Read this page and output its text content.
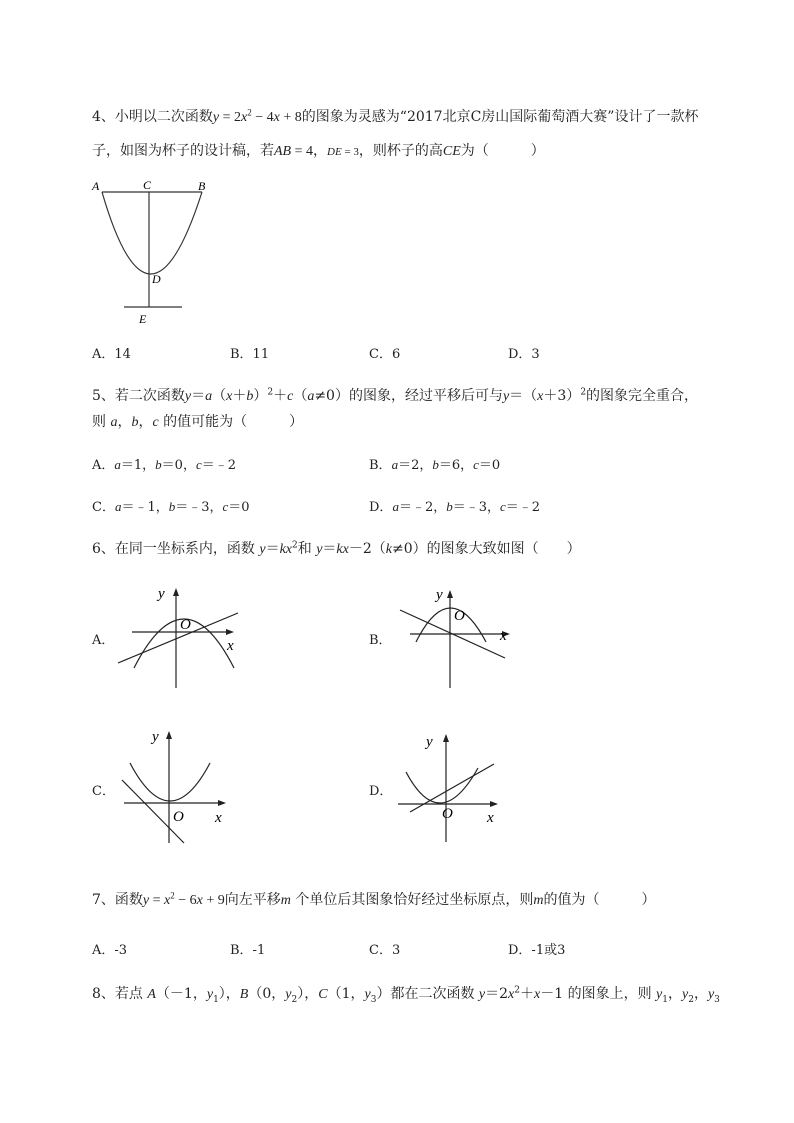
4、小明以二次函数$y = 2x^2 - 4x + 8$的图象为灵感为“2017北京C房山国际葡萄酒大赛”设计了一款杯
子，如图为杯子的设计稿，若AB = 4，DE = 3，则杯子的高CE为（　　　）
A	C	B
D
E
A．14	B．11	C．6	D．3
5、若二次函数$y=a(x+b)^2+c(a\ne 0)$的图象，经过平移后可与$y=(x+3)^2$的图象完全重合，
则 a，b，c 的值可能为（　　　）
A．a＝1，b＝0，c＝﹣2	B．a＝2，b＝6，c＝0
C．a＝﹣1，b＝﹣3，c＝0	D．a＝﹣2，b＝﹣3，c＝﹣2
6、在同一坐标系内，函数 $y=kx^2$和 y＝kx－2（k≠0）的图象大致如图（　　）
A．	B．
C．	D．
y
O
x
y
O
x
y
O x
y
O x
7、函数$y = x^2 - 6x + 9$向左平移m 个单位后其图象恰好经过坐标原点，则m的值为（　　　）
A．-3	B．-1	C．3	D．-1或3
8、若点 A（－1，$y_1$），B（0，$y_2$），C（1，$y_3$）都在二次函数 $y=2x^2+x-1$ 的图象上，则 $y_1$，$y_2$，$y_3$
